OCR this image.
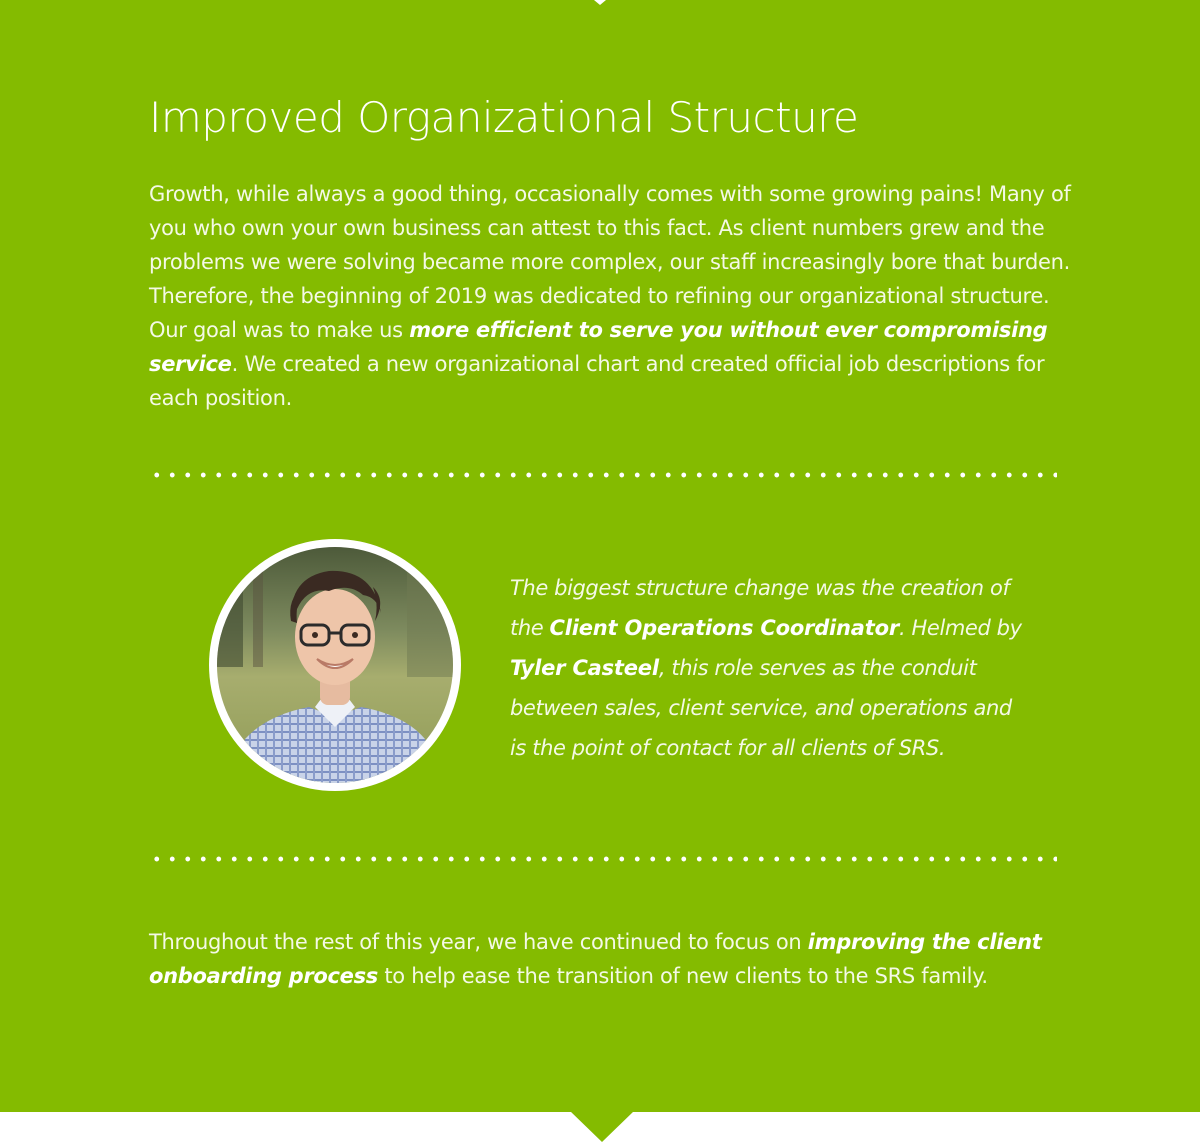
Improved Organizational Structure

Growth, while always a good thing, occasionally comes with some growing pains! Many of you who own your own business can attest to this fact. As client numbers grew and the problems we were solving became more complex, our staff increasingly bore that burden. Therefore, the beginning of 2019 was dedicated to refining our organizational structure. Our goal was to make us more efficient to serve you without ever compromising service. We created a new organizational chart and created official job descriptions for each position.

The biggest structure change was the creation of the Client Operations Coordinator. Helmed by Tyler Casteel, this role serves as the conduit between sales, client service, and operations and is the point of contact for all clients of SRS.

Throughout the rest of this year, we have continued to focus on improving the client onboarding process to help ease the transition of new clients to the SRS family.
